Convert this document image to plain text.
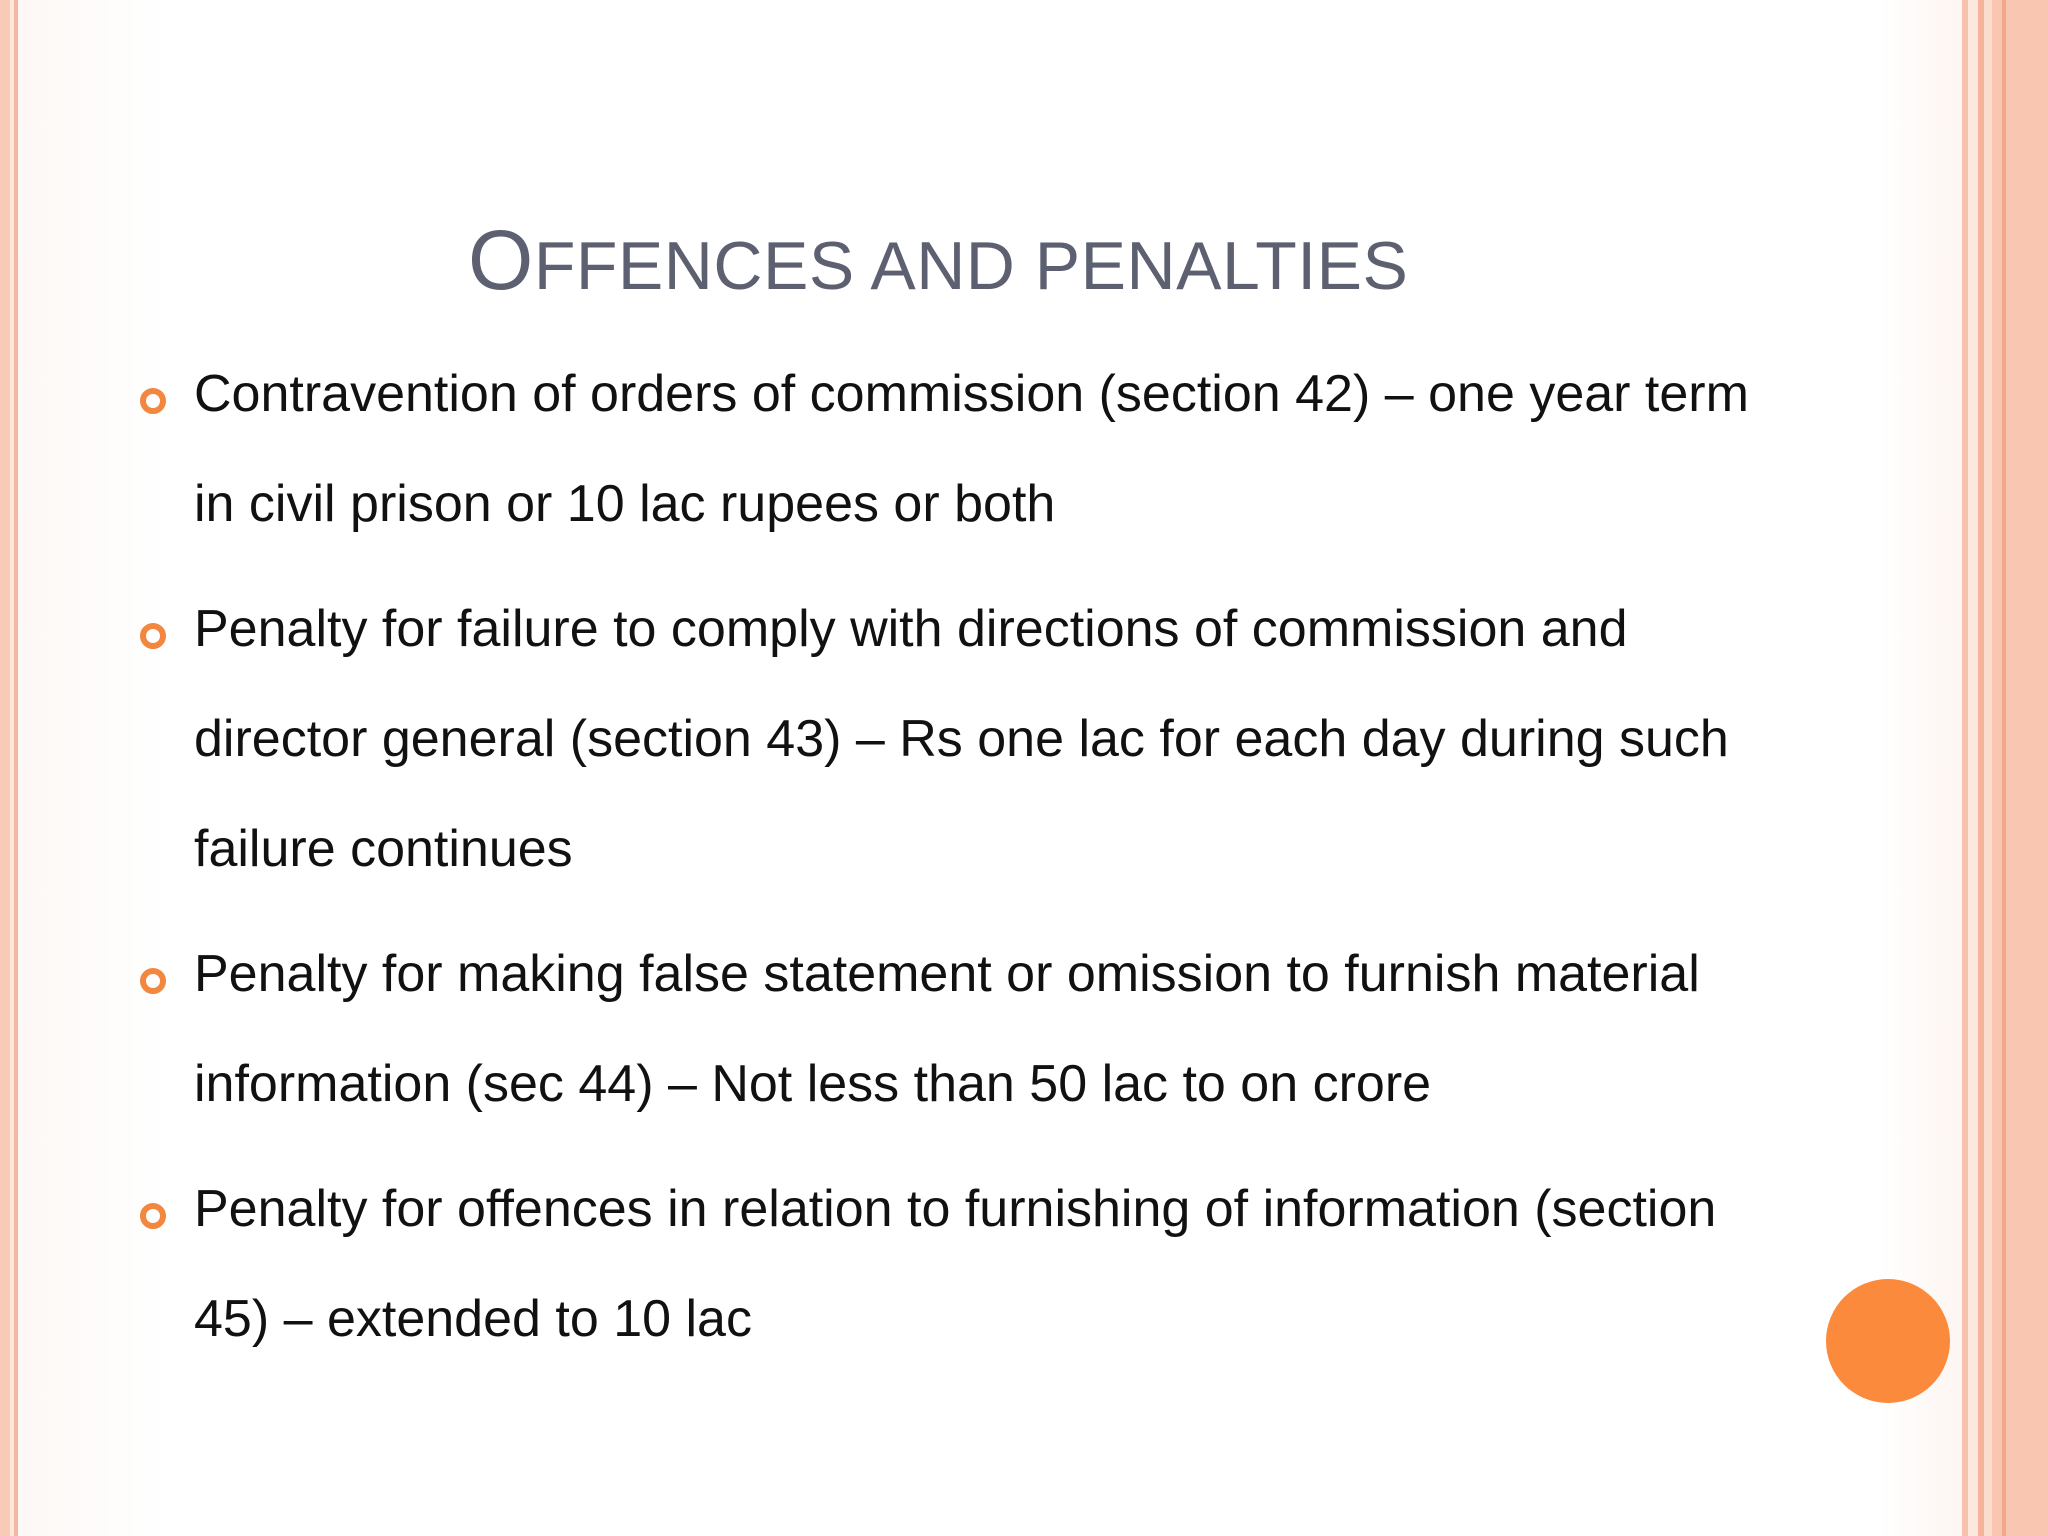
OFFENCES AND PENALTIES

Contravention of orders of commission (section 42) – one year term
in civil prison or 10 lac rupees or both

Penalty for failure to comply with directions of commission and
director general (section 43) – Rs one lac for each day during such
failure continues

Penalty for making false statement or omission to furnish material
information (sec 44) – Not less than 50 lac to on crore

Penalty for offences in relation to furnishing of information (section
45) – extended to 10 lac
